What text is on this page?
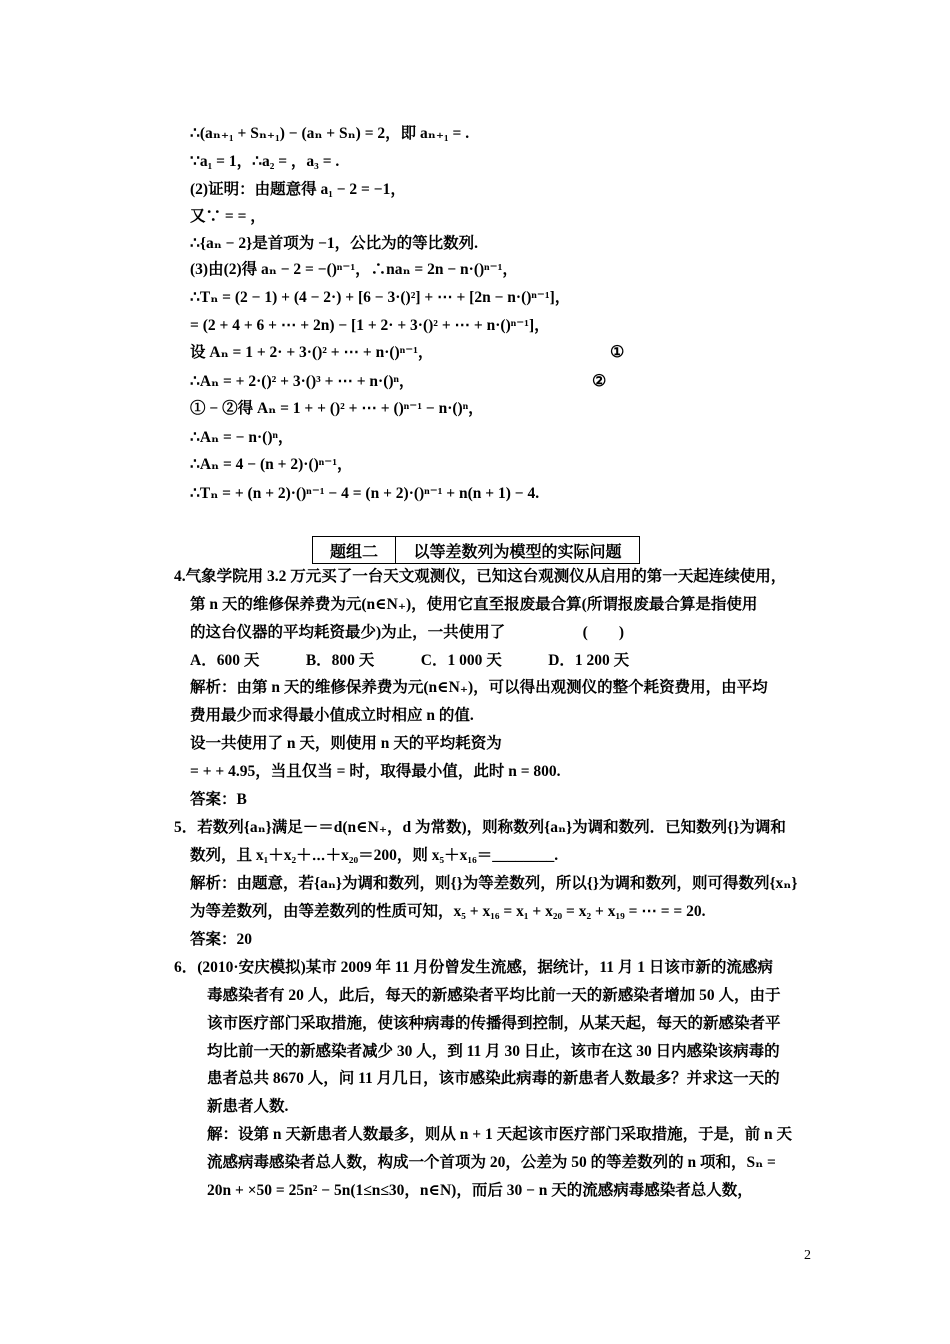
∴(aₙ₊₁ + Sₙ₊₁) − (aₙ + Sₙ) = 2，即 aₙ₊₁ = .
∵a₁ = 1，∴a₂ = ，a₃ = .
(2)证明：由题意得 a₁ − 2 = −1，
又∵ = = ，
∴{aₙ − 2}是首项为 −1，公比为的等比数列.
(3)由(2)得 aₙ − 2 = −()ⁿ⁻¹，∴naₙ = 2n − n·()ⁿ⁻¹，
∴Tₙ = (2 − 1) + (4 − 2·) + [6 − 3·()²] + ⋯ + [2n − n·()ⁿ⁻¹]，
= (2 + 4 + 6 + ⋯ + 2n) − [1 + 2· + 3·()² + ⋯ + n·()ⁿ⁻¹]，
设 Aₙ = 1 + 2· + 3·()² + ⋯ + n·()ⁿ⁻¹，	①
∴Aₙ = + 2·()² + 3·()³ + ⋯ + n·()ⁿ，	②
① − ②得 Aₙ = 1 + + ()² + ⋯ + ()ⁿ⁻¹ − n·()ⁿ，
∴Aₙ = − n·()ⁿ，
∴Aₙ = 4 − (n + 2)·()ⁿ⁻¹，
∴Tₙ = + (n + 2)·()ⁿ⁻¹ − 4 = (n + 2)·()ⁿ⁻¹ + n(n + 1) − 4.
题组二	以等差数列为模型的实际问题
4.气象学院用 3.2 万元买了一台天文观测仪，已知这台观测仪从启用的第一天起连续使用，
第 n 天的维修保养费为元(n∈N₊)，使用它直至报废最合算(所谓报废最合算是指使用
的这台仪器的平均耗资最少)为止，一共使用了　　　　　(　　)
A．600 天　　　B．800 天　　　C．1 000 天　　　D．1 200 天
解析：由第 n 天的维修保养费为元(n∈N₊)，可以得出观测仪的整个耗资费用，由平均
费用最少而求得最小值成立时相应 n 的值.
设一共使用了 n 天，则使用 n 天的平均耗资为
= + + 4.95，当且仅当 = 时，取得最小值，此时 n = 800.
答案：B
5．若数列{aₙ}满足－＝d(n∈N₊，d 为常数)，则称数列{aₙ}为调和数列．已知数列{}为调和
数列，且 x₁＋x₂＋⋯＋x₂₀＝200，则 x₅＋x₁₆＝________.
解析：由题意，若{aₙ}为调和数列，则{}为等差数列，所以{}为调和数列，则可得数列{xₙ}
为等差数列，由等差数列的性质可知，x₅ + x₁₆ = x₁ + x₂₀ = x₂ + x₁₉ = ⋯ = = 20.
答案：20
6．(2010·安庆模拟)某市 2009 年 11 月份曾发生流感，据统计，11 月 1 日该市新的流感病
毒感染者有 20 人，此后，每天的新感染者平均比前一天的新感染者增加 50 人，由于
该市医疗部门采取措施，使该种病毒的传播得到控制，从某天起，每天的新感染者平
均比前一天的新感染者减少 30 人，到 11 月 30 日止，该市在这 30 日内感染该病毒的
患者总共 8670 人，问 11 月几日，该市感染此病毒的新患者人数最多？并求这一天的
新患者人数.
解：设第 n 天新患者人数最多，则从 n + 1 天起该市医疗部门采取措施，于是，前 n 天
流感病毒感染者总人数，构成一个首项为 20，公差为 50 的等差数列的 n 项和，Sₙ =
20n + ×50 = 25n² − 5n(1≤n≤30，n∈N)，而后 30 − n 天的流感病毒感染者总人数，
2
